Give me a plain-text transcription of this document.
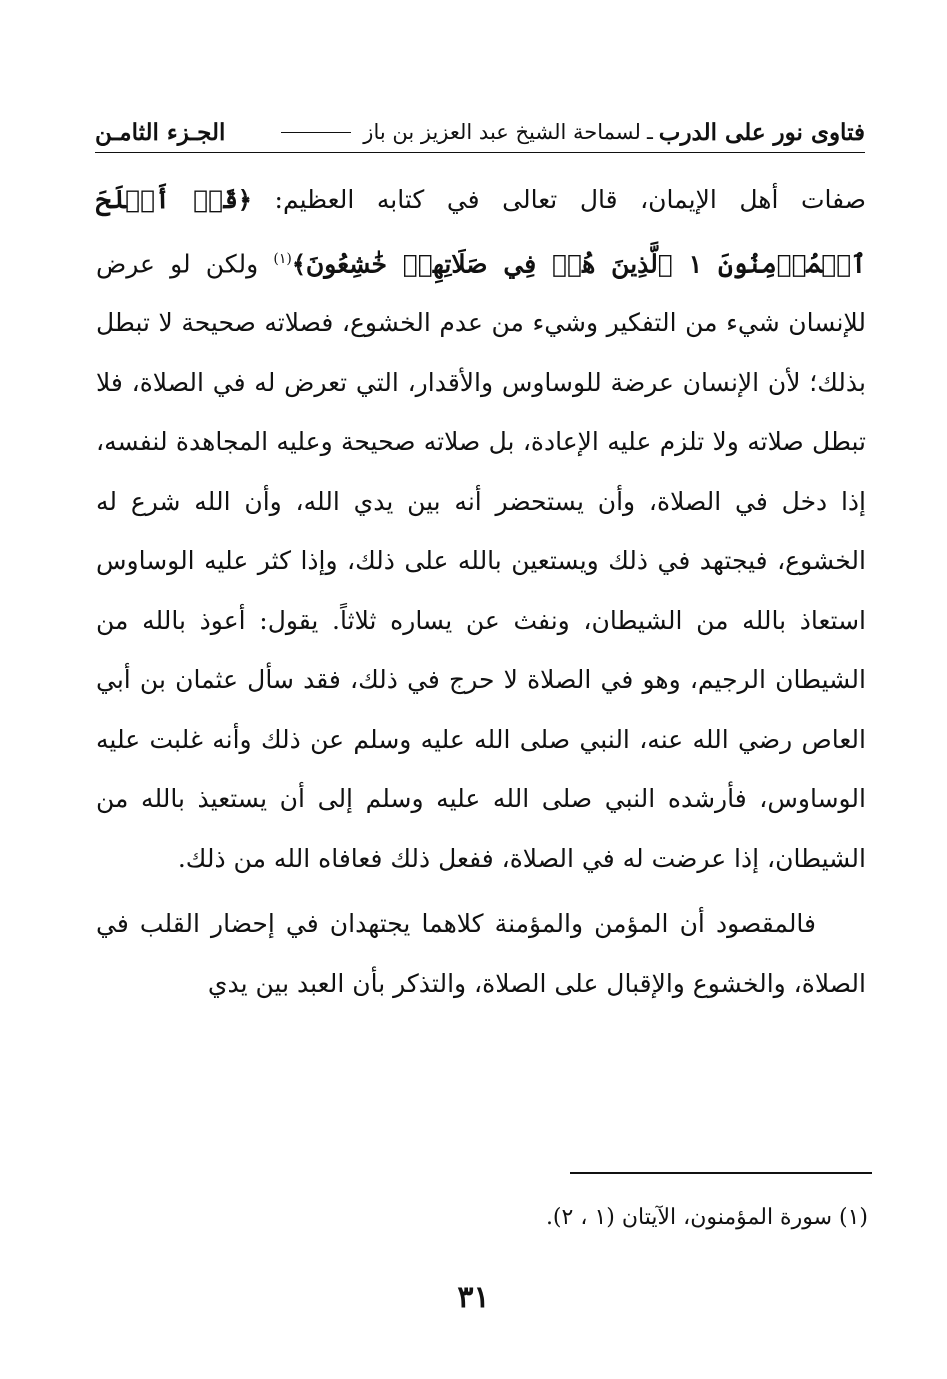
فتاوى نور على الدرب
ـ
لسماحة الشيخ عبد العزيز بن باز
الجـزء الثامـن

صفات أهل الإيمان، قال تعالى في كتابه العظيم: ﴿قَدۡ أَفۡلَحَ ٱلۡمُؤۡمِنُونَ ١ ٱلَّذِينَ هُمۡ فِي صَلَاتِهِمۡ خَٰشِعُونَ﴾$^{(١)}$ ولكن لو عرض للإنسان شيء من التفكير وشيء من عدم الخشوع، فصلاته صحيحة لا تبطل بذلك؛ لأن الإنسان عرضة للوساوس والأقدار، التي تعرض له في الصلاة، فلا تبطل صلاته ولا تلزم عليه الإعادة، بل صلاته صحيحة وعليه المجاهدة لنفسه، إذا دخل في الصلاة، وأن يستحضر أنه بين يدي الله، وأن الله شرع له الخشوع، فيجتهد في ذلك ويستعين بالله على ذلك، وإذا كثر عليه الوساوس استعاذ بالله من الشيطان، ونفث عن يساره ثلاثاً. يقول: أعوذ بالله من الشيطان الرجيم، وهو في الصلاة لا حرج في ذلك، فقد سأل عثمان بن أبي العاص رضي الله عنه، النبي صلى الله عليه وسلم عن ذلك وأنه غلبت عليه الوساوس، فأرشده النبي صلى الله عليه وسلم إلى أن يستعيذ بالله من الشيطان، إذا عرضت له في الصلاة، ففعل ذلك فعافاه الله من ذلك.

فالمقصود أن المؤمن والمؤمنة كلاهما يجتهدان في إحضار القلب في الصلاة، والخشوع والإقبال على الصلاة، والتذكر بأن العبد بين يدي

(١) سورة المؤمنون، الآيتان (١ ، ٢).
٣١
